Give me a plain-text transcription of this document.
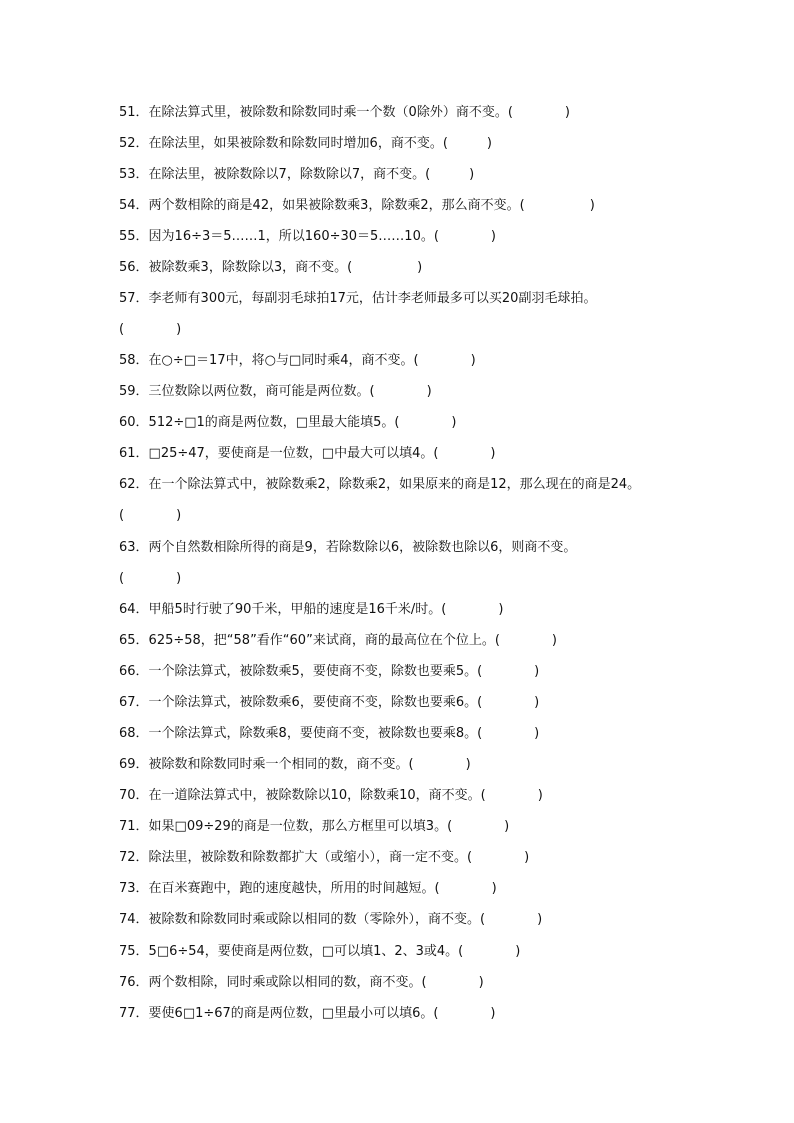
51．在除法算式里，被除数和除数同时乘一个数（0除外）商不变。(　　　　)
52．在除法里，如果被除数和除数同时增加6，商不变。(　　　)
53．在除法里，被除数除以7，除数除以7，商不变。(　　　)
54．两个数相除的商是42，如果被除数乘3，除数乘2，那么商不变。(　　　　　)
55．因为16÷3＝5……1，所以160÷30＝5……10。(　　　　)
56．被除数乘3，除数除以3，商不变。(　　　　　)
57．李老师有300元，每副羽毛球拍17元，估计李老师最多可以买20副羽毛球拍。
(　　　　)
58．在○÷□＝17中，将○与□同时乘4，商不变。(　　　　)
59．三位数除以两位数，商可能是两位数。(　　　　)
60．512÷□1的商是两位数，□里最大能填5。(　　　　)
61．□25÷47，要使商是一位数，□中最大可以填4。(　　　　)
62．在一个除法算式中，被除数乘2，除数乘2，如果原来的商是12，那么现在的商是24。
(　　　　)
63．两个自然数相除所得的商是9，若除数除以6，被除数也除以6，则商不变。
(　　　　)
64．甲船5时行驶了90千米，甲船的速度是16千米/时。(　　　　)
65．625÷58，把“58”看作“60”来试商，商的最高位在个位上。(　　　　)
66．一个除法算式，被除数乘5，要使商不变，除数也要乘5。(　　　　)
67．一个除法算式，被除数乘6，要使商不变，除数也要乘6。(　　　　)
68．一个除法算式，除数乘8，要使商不变，被除数也要乘8。(　　　　)
69．被除数和除数同时乘一个相同的数，商不变。(　　　　)
70．在一道除法算式中，被除数除以10，除数乘10，商不变。(　　　　)
71．如果□09÷29的商是一位数，那么方框里可以填3。(　　　　)
72．除法里，被除数和除数都扩大（或缩小），商一定不变。(　　　　)
73．在百米赛跑中，跑的速度越快，所用的时间越短。(　　　　)
74．被除数和除数同时乘或除以相同的数（零除外），商不变。(　　　　)
75．5□6÷54，要使商是两位数，□可以填1、2、3或4。(　　　　)
76．两个数相除，同时乘或除以相同的数，商不变。(　　　　)
77．要使6□1÷67的商是两位数，□里最小可以填6。(　　　　)
